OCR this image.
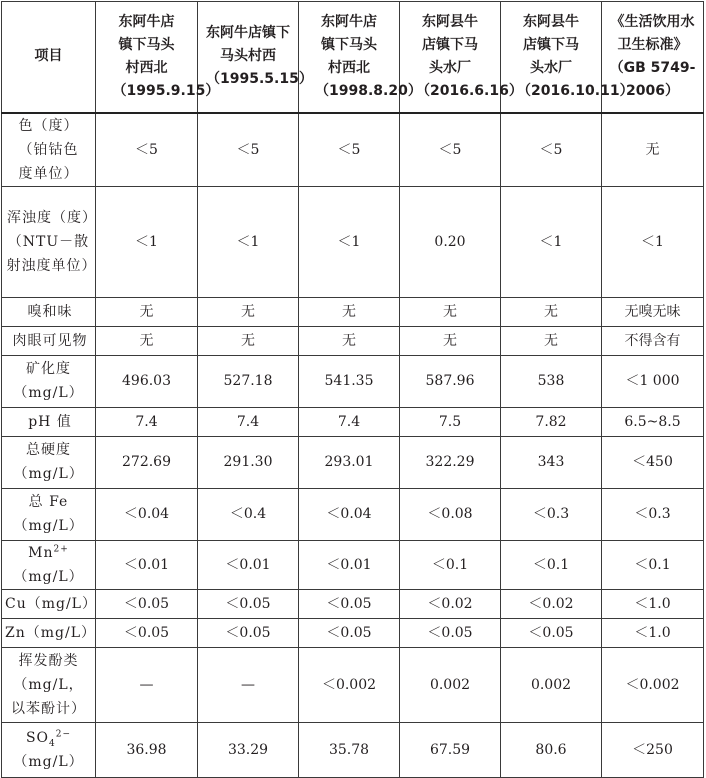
项目	东阿牛店镇下马头村西北（1995.9.15）	东阿牛店镇下马头村西（1995.5.15）	东阿牛店镇下马头村西北（1998.8.20）	东阿县牛店镇下马头水厂（2016.6.16）	东阿县牛店镇下马头水厂（2016.10.11）	《生活饮用水卫生标准》（GB 5749-2006）

色（度）（铂钴色度单位）	＜5	＜5	＜5	＜5	＜5	无

浑浊度（度）（NTU－散射浊度单位）	＜1	＜1	＜1	0.20	＜1	＜1

嗅和味	无	无	无	无	无	无嗅无味

肉眼可见物	无	无	无	无	无	不得含有

矿化度（mg/L）	496.03	527.18	541.35	587.96	538	＜1 000

pH 值	7.4	7.4	7.4	7.5	7.82	6.5~8.5

总硬度（mg/L）	272.69	291.30	293.01	322.29	343	＜450

总 Fe（mg/L）	＜0.04	＜0.4	＜0.04	＜0.08	＜0.3	＜0.3
$Mn^{2+}(mg/L)$	＜0.01	＜0.01	＜0.01	＜0.1	＜0.1	＜0.1

Cu（mg/L）	＜0.05	＜0.05	＜0.05	＜0.02	＜0.02	＜1.0

Zn（mg/L）	＜0.05	＜0.05	＜0.05	＜0.05	＜0.05	＜1.0

挥发酚类（mg/L，以苯酚计）	—	—	＜0.002	0.002	0.002	＜0.002
$SO_4^{2-}(mg/L)$	36.98	33.29	35.78	67.59	80.6	＜250
